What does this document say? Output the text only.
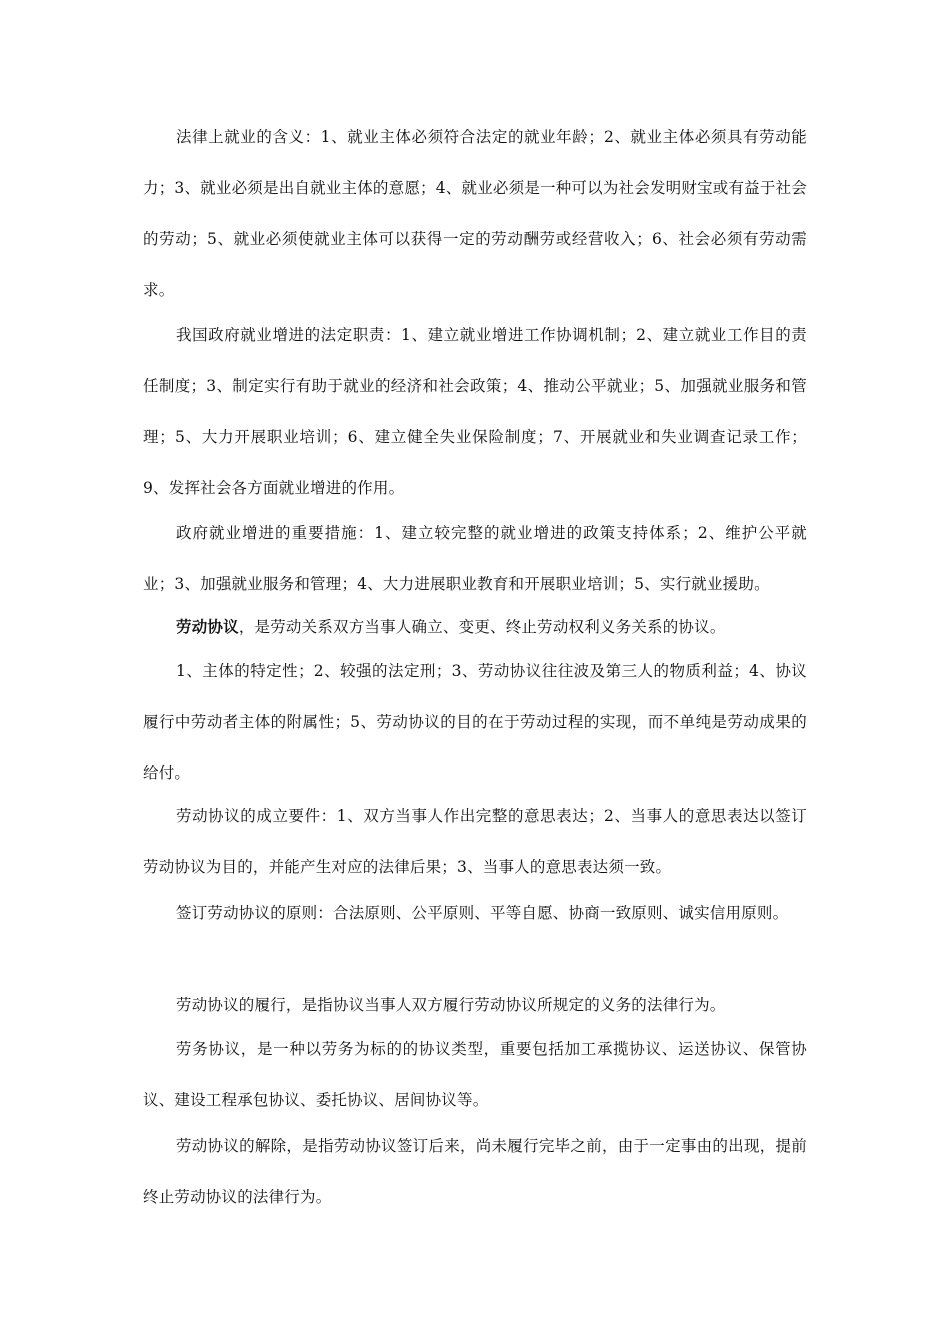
法律上就业的含义：1、就业主体必须符合法定的就业年龄；2、就业主体必须具有劳动能力；3、就业必须是出自就业主体的意愿；4、就业必须是一种可以为社会发明财宝或有益于社会的劳动；5、就业必须使就业主体可以获得一定的劳动酬劳或经营收入；6、社会必须有劳动需求。

我国政府就业增进的法定职责：1、建立就业增进工作协调机制；2、建立就业工作目的责任制度；3、制定实行有助于就业的经济和社会政策；4、推动公平就业；5、加强就业服务和管理；5、大力开展职业培训；6、建立健全失业保险制度；7、开展就业和失业调查记录工作；9、发挥社会各方面就业增进的作用。

政府就业增进的重要措施：1、建立较完整的就业增进的政策支持体系；2、维护公平就业；3、加强就业服务和管理；4、大力进展职业教育和开展职业培训；5、实行就业援助。

劳动协议，是劳动关系双方当事人确立、变更、终止劳动权利义务关系的协议。

1、主体的特定性；2、较强的法定刑；3、劳动协议往往波及第三人的物质利益；4、协议履行中劳动者主体的附属性；5、劳动协议的目的在于劳动过程的实现，而不单纯是劳动成果的给付。

劳动协议的成立要件：1、双方当事人作出完整的意思表达；2、当事人的意思表达以签订劳动协议为目的，并能产生对应的法律后果；3、当事人的意思表达须一致。

签订劳动协议的原则：合法原则、公平原则、平等自愿、协商一致原则、诚实信用原则。

劳动协议的履行，是指协议当事人双方履行劳动协议所规定的义务的法律行为。

劳务协议，是一种以劳务为标的的协议类型，重要包括加工承揽协议、运送协议、保管协议、建设工程承包协议、委托协议、居间协议等。

劳动协议的解除，是指劳动协议签订后来，尚未履行完毕之前，由于一定事由的出现，提前终止劳动协议的法律行为。
